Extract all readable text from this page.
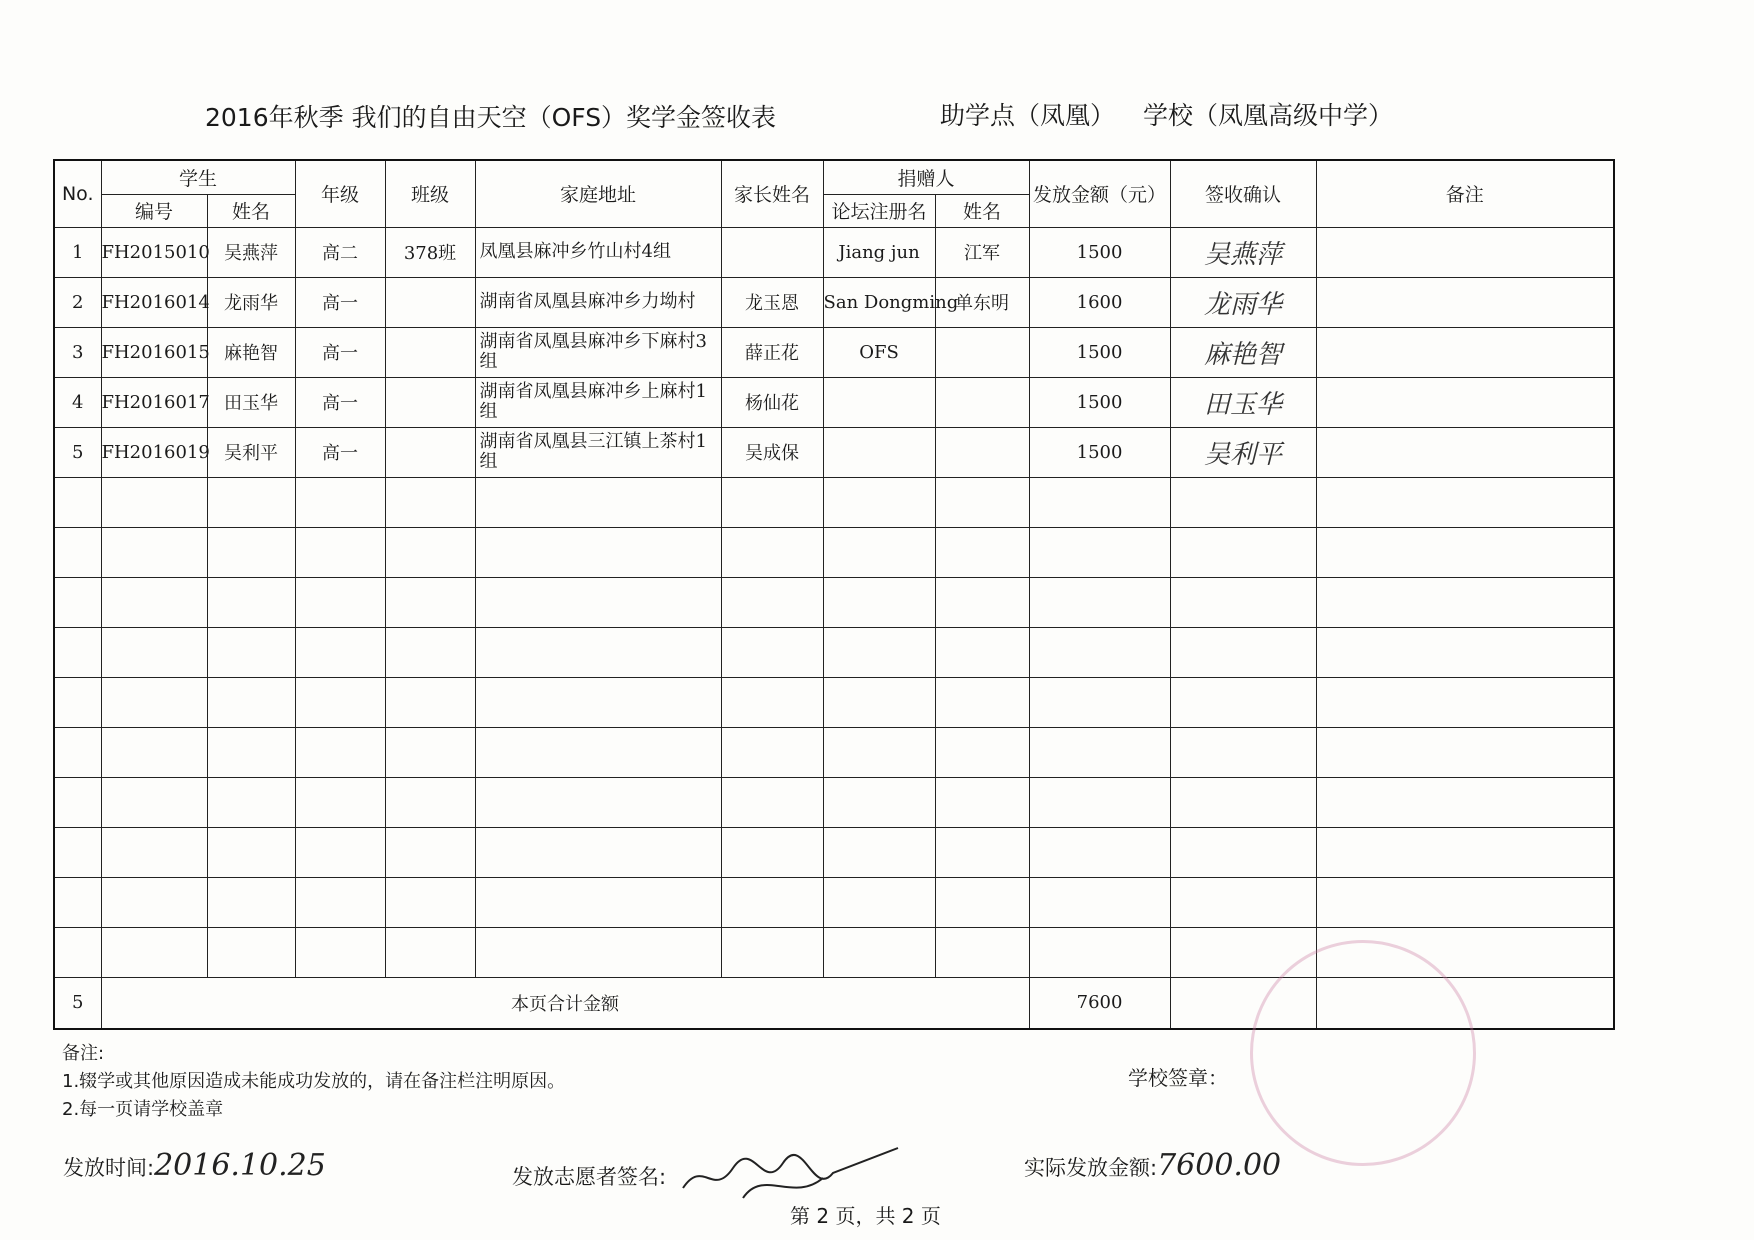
2016年秋季 我们的自由天空（OFS）奖学金签收表	助学点（凤凰） 学校（凤凰高级中学）
No.	学生		年级	班级	家庭地址	家长姓名	捐赠人		发放金额（元）	签收确认	备注
	编号	姓名					论坛注册名	姓名			
1	FH2015010	吴燕萍	高二	378班	凤凰县麻冲乡竹山村4组		Jiang jun	江军	1500	吴燕萍	
2	FH2016014	龙雨华	高一		湖南省凤凰县麻冲乡力坳村	龙玉恩	San Dongming	单东明	1600	龙雨华	
3	FH2016015	麻艳智	高一		湖南省凤凰县麻冲乡下麻村3组	薛正花	OFS		1500	麻艳智	
4	FH2016017	田玉华	高一		湖南省凤凰县麻冲乡上麻村1组	杨仙花			1500	田玉华	
5	FH2016019	吴利平	高一		湖南省凤凰县三江镇上茶村1组	吴成保			1500	吴利平	

5	本页合计金额								7600		
备注:
1.辍学或其他原因造成未能成功发放的，请在备注栏注明原因。
2.每一页请学校盖章
学校签章：
发放时间:2016.10.25	发放志愿者签名:	实际发放金额:7600.00
第 2 页，共 2 页
